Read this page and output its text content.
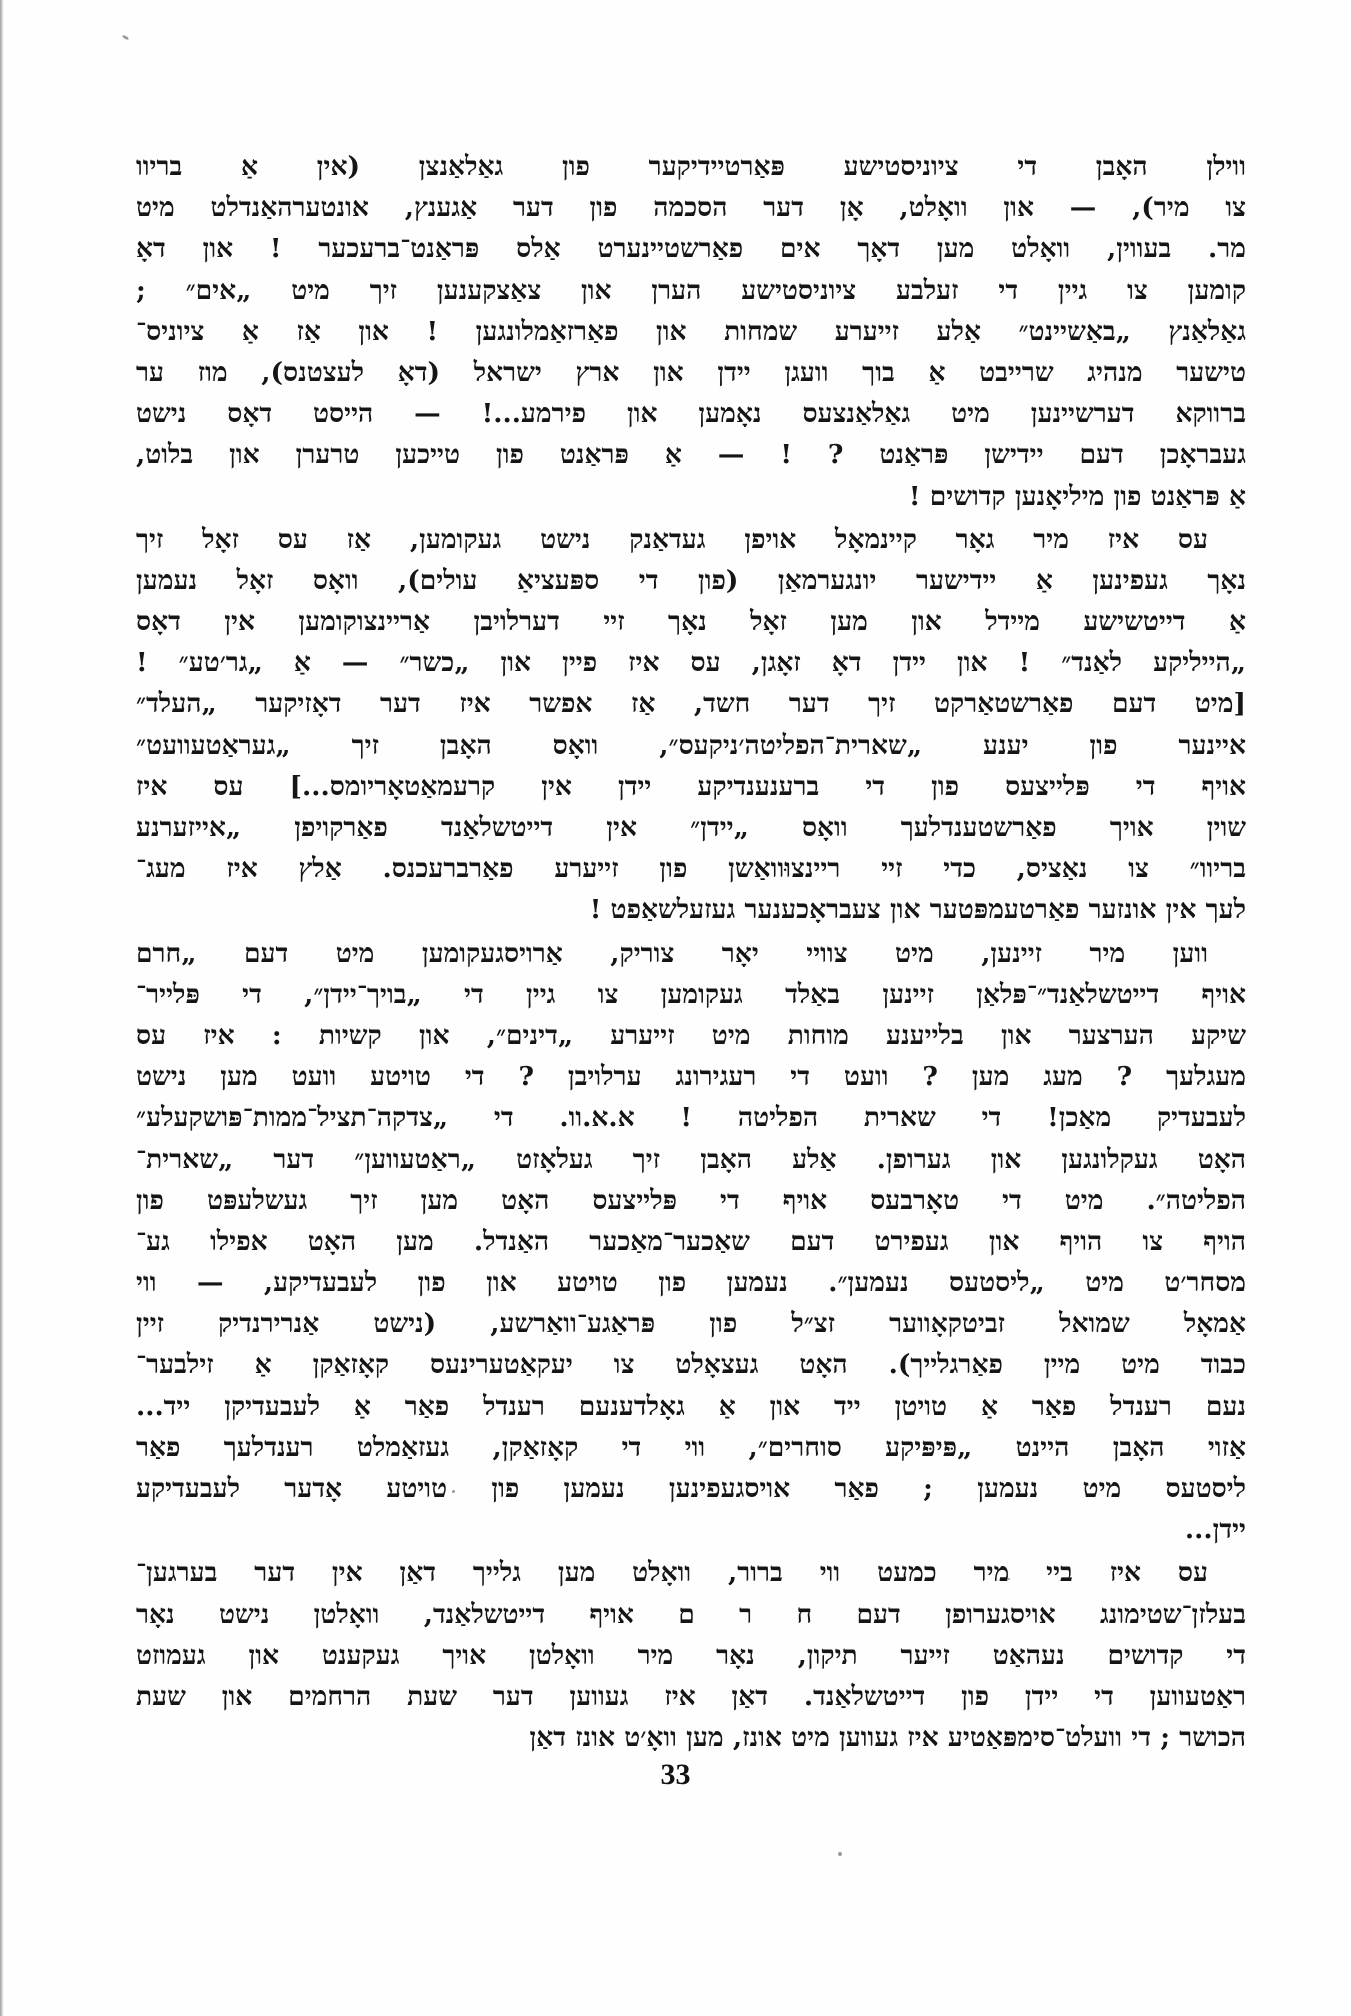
ווילן האָבן די ציוניסטישע פּאַרטיידיקער פון גאַלאַנצן (אין אַ בריוו
צו מיר), — און וואָלט, אָן דער הסכמה פון דער אַגענץ, אונטערהאַנדלט מיט
מר. בעווין, וואָלט מען דאָך אים פאַרשטיינערט אַלס פּראַנט־ברעכער ! און דאָ
קומען צו גיין די זעלבע ציוניסטישע הערן און צאַצקענען זיך מיט „אים״ ;
גאַלאַנץ „באַשיינט״ אַלע זייערע שמחות און פאַרזאַמלונגען ! און אַז אַ ציוניס־
טישער מנהיג שרייבט אַ בוך וועגן יידן און ארץ ישראל (דאָ לעצטנס), מוז ער
ברווקא דערשיינען מיט גאַלאַנצעס נאָמען און פירמע...! — הייסט דאָס נישט
געבראָכן דעם יידישן פּראַנט ? ! — אַ פּראַנט פון טייכען טרערן און בלוט,
אַ פּראַנט פון מיליאָנען קדושים !
עס איז מיר גאָר קיינמאָל אויפן געדאַנק נישט געקומען, אַז עס זאָל זיך
נאָך געפינען אַ יידישער יונגערמאַן (פון די ספּעציאַ עולים), וואָס זאָל נעמען
אַ דייטשישע מיידל און מען זאָל נאָך זיי דערלויבן אַריינצוקומען אין דאָס
„הייליקע לאַנד״ ! און יידן דאָ זאָגן, עס איז פיין און „כשר״ — אַ „גר׳טע״ !
[מיט דעם פאַרשטאַרקט זיך דער חשד, אַז אפשר איז דער דאָזיקער „העלד״
איינער פון יענע „שארית־הפליטה׳ניקעס״, וואָס האָבן זיך „געראַטעוועט״
אויף די פּלייצעס פון די ברענענדיקע יידן אין קרעמאַטאָריומס...] עס איז
שוין אויך פאַרשטענדלעך וואָס „יידן״ אין דייטשלאַנד פאַרקויפן „אייזערנע
בריוו״ צו נאַציס, כדי זיי ריינצוּוואַשן פון זייערע פאַרברעכנס. אַלץ איז מעג־
לעך אין אונזער פאַרטעמפּטער און צעבראָכענער געזעלשאַפט !
ווען מיר זיינען, מיט צוויי יאָר צוריק, אַרויסגעקומען מיט דעם „חרם
אויף דייטשלאַנד״־פּלאַן זיינען באַלד געקומען צו גיין די „בויך־יידן״, די פּלייר־
שיקע הערצער און בלייענע מוחות מיט זייערע „דינים״, און קשיות : איז עס
מעגלעך ? מעג מען ? וועט די רעגירונג ערלויבן ? די טויטע וועט מען נישט
לעבעדיק מאַכן! די שארית הפליטה ! א.א.וו. די „צדקה־תציל־ממות־פּושקעלע״
האָט געקלונגען און גערופן. אַלע האָבן זיך געלאָזט „ראַטעווען״ דער „שארית־
הפליטה״. מיט די טאָרבעס אויף די פּלייצעס האָט מען זיך געשלעפּט פון
הויף צו הויף און געפירט דעם שאַכער־מאַכער האַנדל. מען האָט אפילו גע־
מסחר׳ט מיט „ליסטעס נעמען״. נעמען פון טויטע און פון לעבעדיקע, — ווי
אַמאָל שמואל זביטקאָווער זצ״ל פון פּראַגע־וואַרשע, (נישט אַנרירנדיק זיין
כבוד מיט מיין פאַרגלייך). האָט געצאָלט צו יעקאַטערינעס קאָזאַקן אַ זילבער־
נעם רענדל פאַר אַ טויטן ייד און אַ גאָלדענעם רענדל פאַר אַ לעבעדיקן ייד...
אַזוי האָבן היינט „פּיפּיקע סוחרים״, ווי די קאָזאַקן, געזאַמלט רענדלעך פאַר
ליסטעס מיט נעמען ; פאַר אויסגעפינען נעמען פון טויטע אָדער לעבעדיקע
יידן...
עס איז ביי מיר כמעט ווי ברור, וואָלט מען גלייך דאַן אין דער בערגען־
בעלזן־שטימונג אויסגערופן דעם ח ר ם אויף דייטשלאַנד, וואָלטן נישט נאָר
די קדושים נעהאַט זייער תיקון, נאָר מיר וואָלטן אויך געקענט און געמוזט
ראַטעווען די יידן פון דייטשלאַנד. דאַן איז געווען דער שעת הרחמים און שעת
הכושר ; די וועלט־סימפּאַטיע איז געווען מיט אונז, מען וואָ׳ט אונז דאַן
33
